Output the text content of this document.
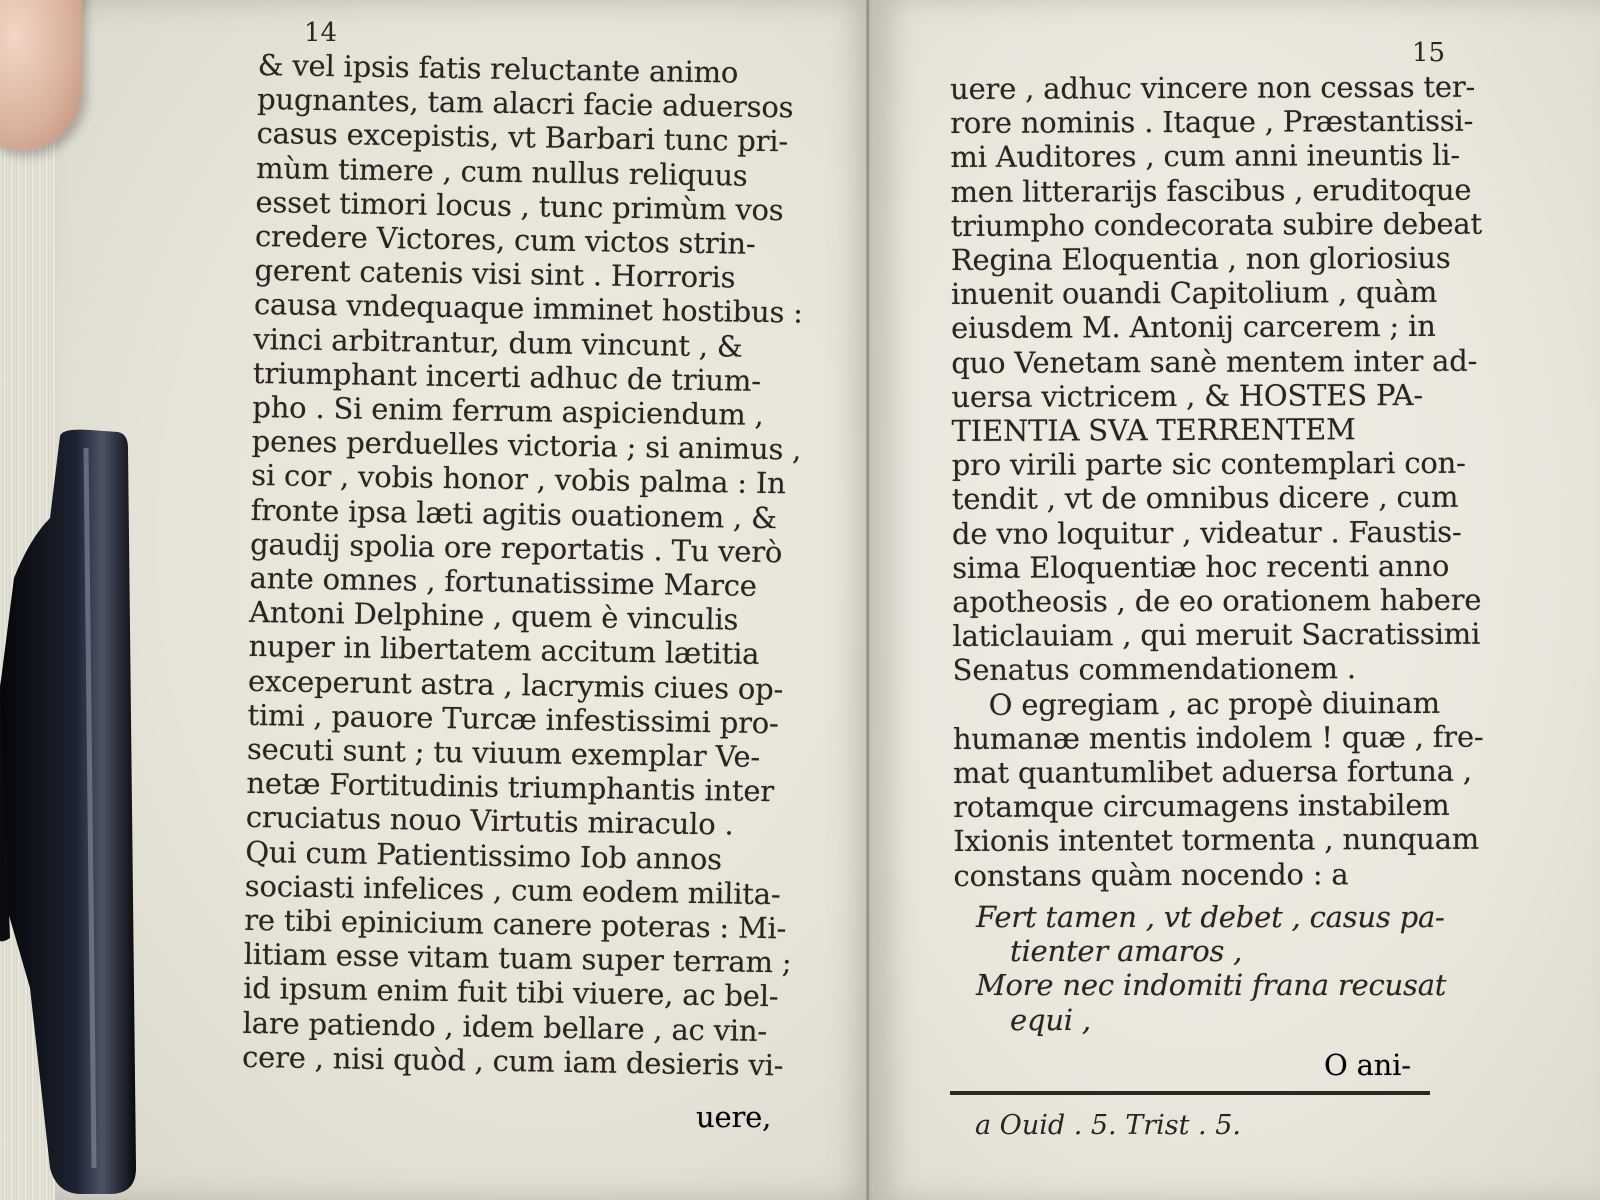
14
& vel ipsis fatis reluctante animo
pugnantes, tam alacri facie aduersos
casus excepistis, vt Barbari tunc pri-
mùm timere , cum nullus reliquus
esset timori locus , tunc primùm vos
credere Victores, cum victos strin-
gerent catenis visi sint . Horroris
causa vndequaque imminet hostibus :
vinci arbitrantur, dum vincunt , &
triumphant incerti adhuc de trium-
pho . Si enim ferrum aspiciendum ,
penes perduelles victoria ; si animus ,
si cor , vobis honor , vobis palma : In
fronte ipsa læti agitis ouationem , &
gaudij spolia ore reportatis . Tu verò
ante omnes , fortunatissime Marce
Antoni Delphine , quem è vinculis
nuper in libertatem accitum lætitia
exceperunt astra , lacrymis ciues op-
timi , pauore Turcæ infestissimi pro-
secuti sunt ; tu viuum exemplar Ve-
netæ Fortitudinis triumphantis inter
cruciatus nouo Virtutis miraculo .
Qui cum Patientissimo Iob annos
sociasti infelices , cum eodem milita-
re tibi epinicium canere poteras : Mi-
litiam esse vitam tuam super terram ;
id ipsum enim fuit tibi viuere, ac bel-
lare patiendo , idem bellare , ac vin-
cere , nisi quòd , cum iam desieris vi-
uere,
15
uere , adhuc vincere non cessas ter-
rore nominis . Itaque , Præstantissi-
mi Auditores , cum anni ineuntis li-
men litterarijs fascibus , eruditoque
triumpho condecorata subire debeat
Regina Eloquentia , non gloriosius
inuenit ouandi Capitolium , quàm
eiusdem M. Antonij carcerem ; in
quo Venetam sanè mentem inter ad-
uersa victricem , & HOSTES PA-
TIENTIA SVA TERRENTEM
pro virili parte sic contemplari con-
tendit , vt de omnibus dicere , cum
de vno loquitur , videatur . Faustis-
sima Eloquentiæ hoc recenti anno
apotheosis , de eo orationem habere
laticlauiam , qui meruit Sacratissimi
Senatus commendationem .
O egregiam , ac propè diuinam
humanæ mentis indolem ! quæ , fre-
mat quantumlibet aduersa fortuna ,
rotamque circumagens instabilem
Ixionis intentet tormenta , nunquam
constans quàm nocendo : a
Fert tamen , vt debet , casus pa-
tienter amaros ,
More nec indomiti frana recusat
equi ,
O ani-
a Ouid . 5. Trist . 5.
